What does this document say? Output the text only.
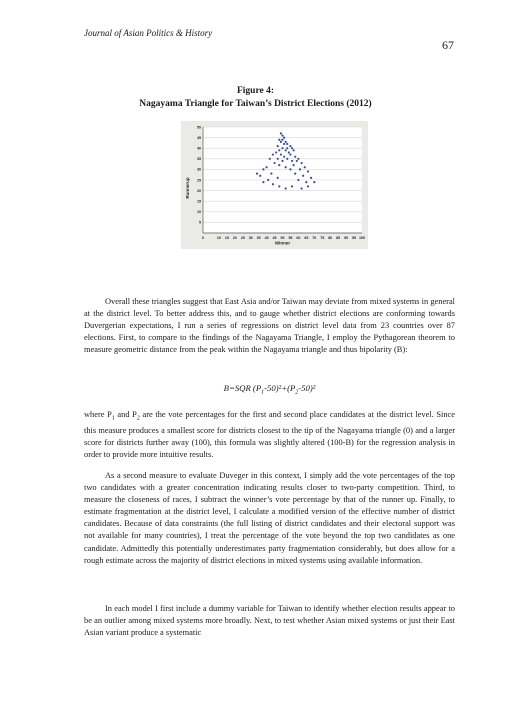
Journal of Asian Politics & History
67
Figure 4:
Nagayama Triangle for Taiwan’s District Elections (2012)
0	10 15 20 25 30 35 40 45 50 55 60 65 70 75 80 85 90 95 100
5
10
15
20
25
30
35
40
45
50
Winner
Runnerup
Overall these triangles suggest that East Asia and/or Taiwan may deviate from mixed systems in general at the district level. To better address this, and to gauge whether district elections are conforming towards Duvergerian expectations, I run a series of regressions on district level data from 23 countries over 87 elections. First, to compare to the findings of the Nagayama Triangle, I employ the Pythagorean theorem to measure geometric distance from the peak within the Nagayama triangle and thus bipolarity (B):
B=SQR $(P_1-50)^2+(P_2-50)^2$
where $P_1$ and $P_2$ are the vote percentages for the first and second place candidates at the district level. Since this measure produces a smallest score for districts closest to the tip of the Nagayama triangle (0) and a larger score for districts further away (100), this formula was slightly altered (100-B) for the regression analysis in order to provide more intuitive results.
As a second measure to evaluate Duveger in this context, I simply add the vote percentages of the top two candidates with a greater concentration indicating results closer to two-party competition. Third, to measure the closeness of races, I subtract the winner’s vote percentage by that of the runner up. Finally, to estimate fragmentation at the district level, I calculate a modified version of the effective number of district candidates. Because of data constraints (the full listing of district candidates and their electoral support was not available for many countries), I treat the percentage of the vote beyond the top two candidates as one candidate. Admittedly this potentially underestimates party fragmentation considerably, but does allow for a rough estimate across the majority of district elections in mixed systems using available information.
In each model I first include a dummy variable for Taiwan to identify whether election results appear to be an outlier among mixed systems more broadly. Next, to test whether Asian mixed systems or just their East Asian variant produce a systematic
